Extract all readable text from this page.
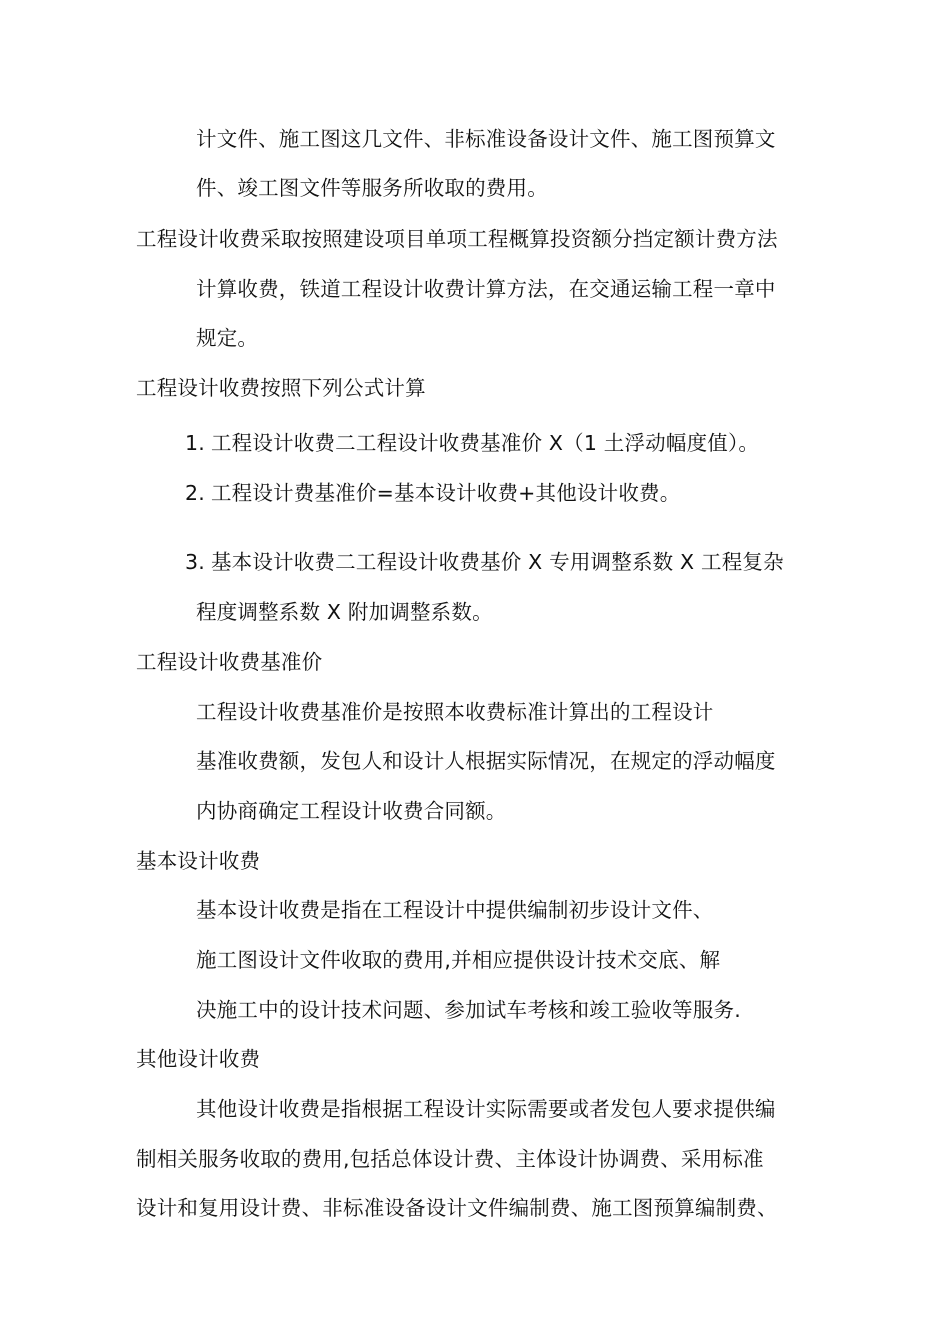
计文件、施工图这几文件、非标准设备设计文件、施工图预算文
件、竣工图文件等服务所收取的费用。
工程设计收费采取按照建设项目单项工程概算投资额分挡定额计费方法
计算收费，铁道工程设计收费计算方法，在交通运输工程一章中
规定。
工程设计收费按照下列公式计算
1. 工程设计收费二工程设计收费基准价 X（1 土浮动幅度值）。
2. 工程设计费基准价=基本设计收费+其他设计收费。
3. 基本设计收费二工程设计收费基价 X 专用调整系数 X 工程复杂
程度调整系数 X 附加调整系数。
工程设计收费基准价
工程设计收费基准价是按照本收费标准计算出的工程设计
基准收费额，发包人和设计人根据实际情况，在规定的浮动幅度
内协商确定工程设计收费合同额。
基本设计收费
基本设计收费是指在工程设计中提供编制初步设计文件、
施工图设计文件收取的费用,并相应提供设计技术交底、解
决施工中的设计技术问题、参加试车考核和竣工验收等服务.
其他设计收费
其他设计收费是指根据工程设计实际需要或者发包人要求提供编
制相关服务收取的费用,包括总体设计费、主体设计协调费、采用标准
设计和复用设计费、非标准设备设计文件编制费、施工图预算编制费、
